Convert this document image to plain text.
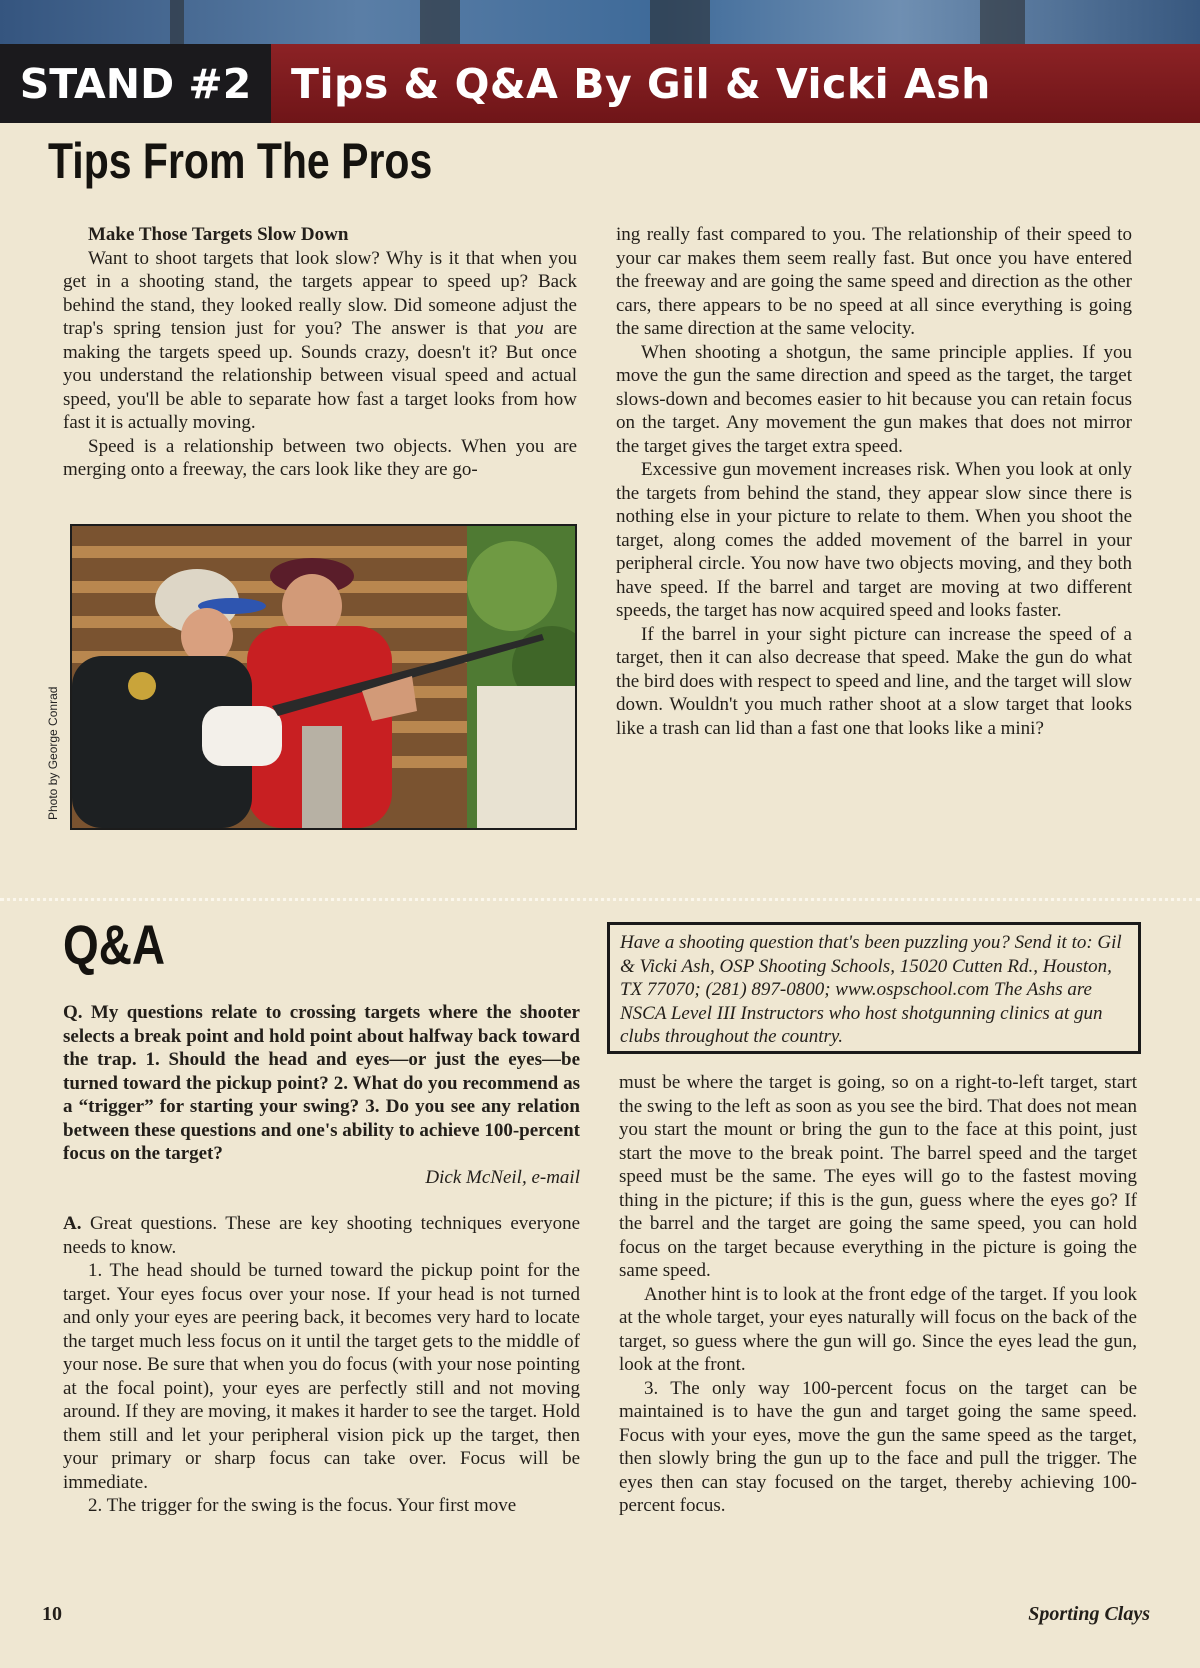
STAND #2 Tips & Q&A By Gil & Vicki Ash
Tips From The Pros

Make Those Targets Slow Down

Want to shoot targets that look slow? Why is it that when you get in a shooting stand, the targets appear to speed up? Back behind the stand, they looked really slow. Did someone adjust the trap's spring tension just for you? The answer is that you are making the targets speed up. Sounds crazy, doesn't it? But once you understand the relationship between visual speed and actual speed, you'll be able to separate how fast a target looks from how fast it is actually moving.

Speed is a relationship between two objects. When you are merging onto a freeway, the cars look like they are go-

Photo by George Conrad

ing really fast compared to you. The relationship of their speed to your car makes them seem really fast. But once you have entered the freeway and are going the same speed and direction as the other cars, there appears to be no speed at all since everything is going the same direction at the same velocity.

When shooting a shotgun, the same principle applies. If you move the gun the same direction and speed as the target, the target slows-down and becomes easier to hit because you can retain focus on the target. Any movement the gun makes that does not mirror the target gives the target extra speed.

Excessive gun movement increases risk. When you look at only the targets from behind the stand, they appear slow since there is nothing else in your picture to relate to them. When you shoot the target, along comes the added movement of the barrel in your peripheral circle. You now have two objects moving, and they both have speed. If the barrel and target are moving at two different speeds, the target has now acquired speed and looks faster.

If the barrel in your sight picture can increase the speed of a target, then it can also decrease that speed. Make the gun do what the bird does with respect to speed and line, and the target will slow down. Wouldn't you much rather shoot at a slow target that looks like a trash can lid than a fast one that looks like a mini?

Q&A

Q. My questions relate to crossing targets where the shooter selects a break point and hold point about halfway back toward the trap. 1. Should the head and eyes—or just the eyes—be turned toward the pickup point? 2. What do you recommend as a “trigger” for starting your swing? 3. Do you see any relation between these questions and one's ability to achieve 100-percent focus on the target?

Dick McNeil, e-mail

A. Great questions. These are key shooting techniques everyone needs to know.

1. The head should be turned toward the pickup point for the target. Your eyes focus over your nose. If your head is not turned and only your eyes are peering back, it becomes very hard to locate the target much less focus on it until the target gets to the middle of your nose. Be sure that when you do focus (with your nose pointing at the focal point), your eyes are perfectly still and not moving around. If they are moving, it makes it harder to see the target. Hold them still and let your peripheral vision pick up the target, then your primary or sharp focus can take over. Focus will be immediate.

2. The trigger for the swing is the focus. Your first move

Have a shooting question that's been puzzling you? Send it to: Gil & Vicki Ash, OSP Shooting Schools, 15020 Cutten Rd., Houston, TX 77070; (281) 897-0800; www.ospschool.com The Ashs are NSCA Level III Instructors who host shotgunning clinics at gun clubs throughout the country.

must be where the target is going, so on a right-to-left target, start the swing to the left as soon as you see the bird. That does not mean you start the mount or bring the gun to the face at this point, just start the move to the break point. The barrel speed and the target speed must be the same. The eyes will go to the fastest moving thing in the picture; if this is the gun, guess where the eyes go? If the barrel and the target are going the same speed, you can hold focus on the target because everything in the picture is going the same speed.

Another hint is to look at the front edge of the target. If you look at the whole target, your eyes naturally will focus on the back of the target, so guess where the gun will go. Since the eyes lead the gun, look at the front.

3. The only way 100-percent focus on the target can be maintained is to have the gun and target going the same speed. Focus with your eyes, move the gun the same speed as the target, then slowly bring the gun up to the face and pull the trigger. The eyes then can stay focused on the target, thereby achieving 100-percent focus.

10	Sporting Clays
